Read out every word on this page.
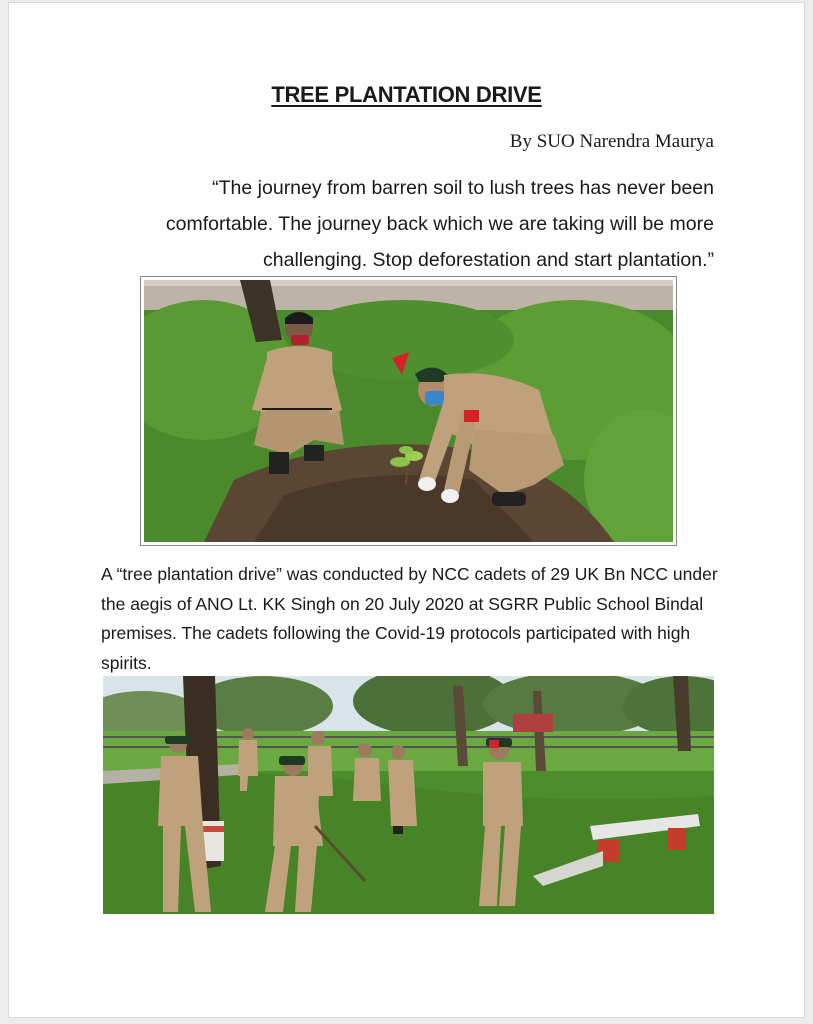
TREE PLANTATION DRIVE
By SUO Narendra Maurya
“The journey from barren soil to lush trees has never been comfortable. The journey back which we are taking will be more challenging. Stop deforestation and start plantation.”
A “tree plantation drive” was conducted by NCC cadets of 29 UK Bn NCC under the aegis of ANO Lt. KK Singh on 20 July 2020 at SGRR Public School Bindal premises. The cadets following the Covid-19 protocols participated with high spirits.
